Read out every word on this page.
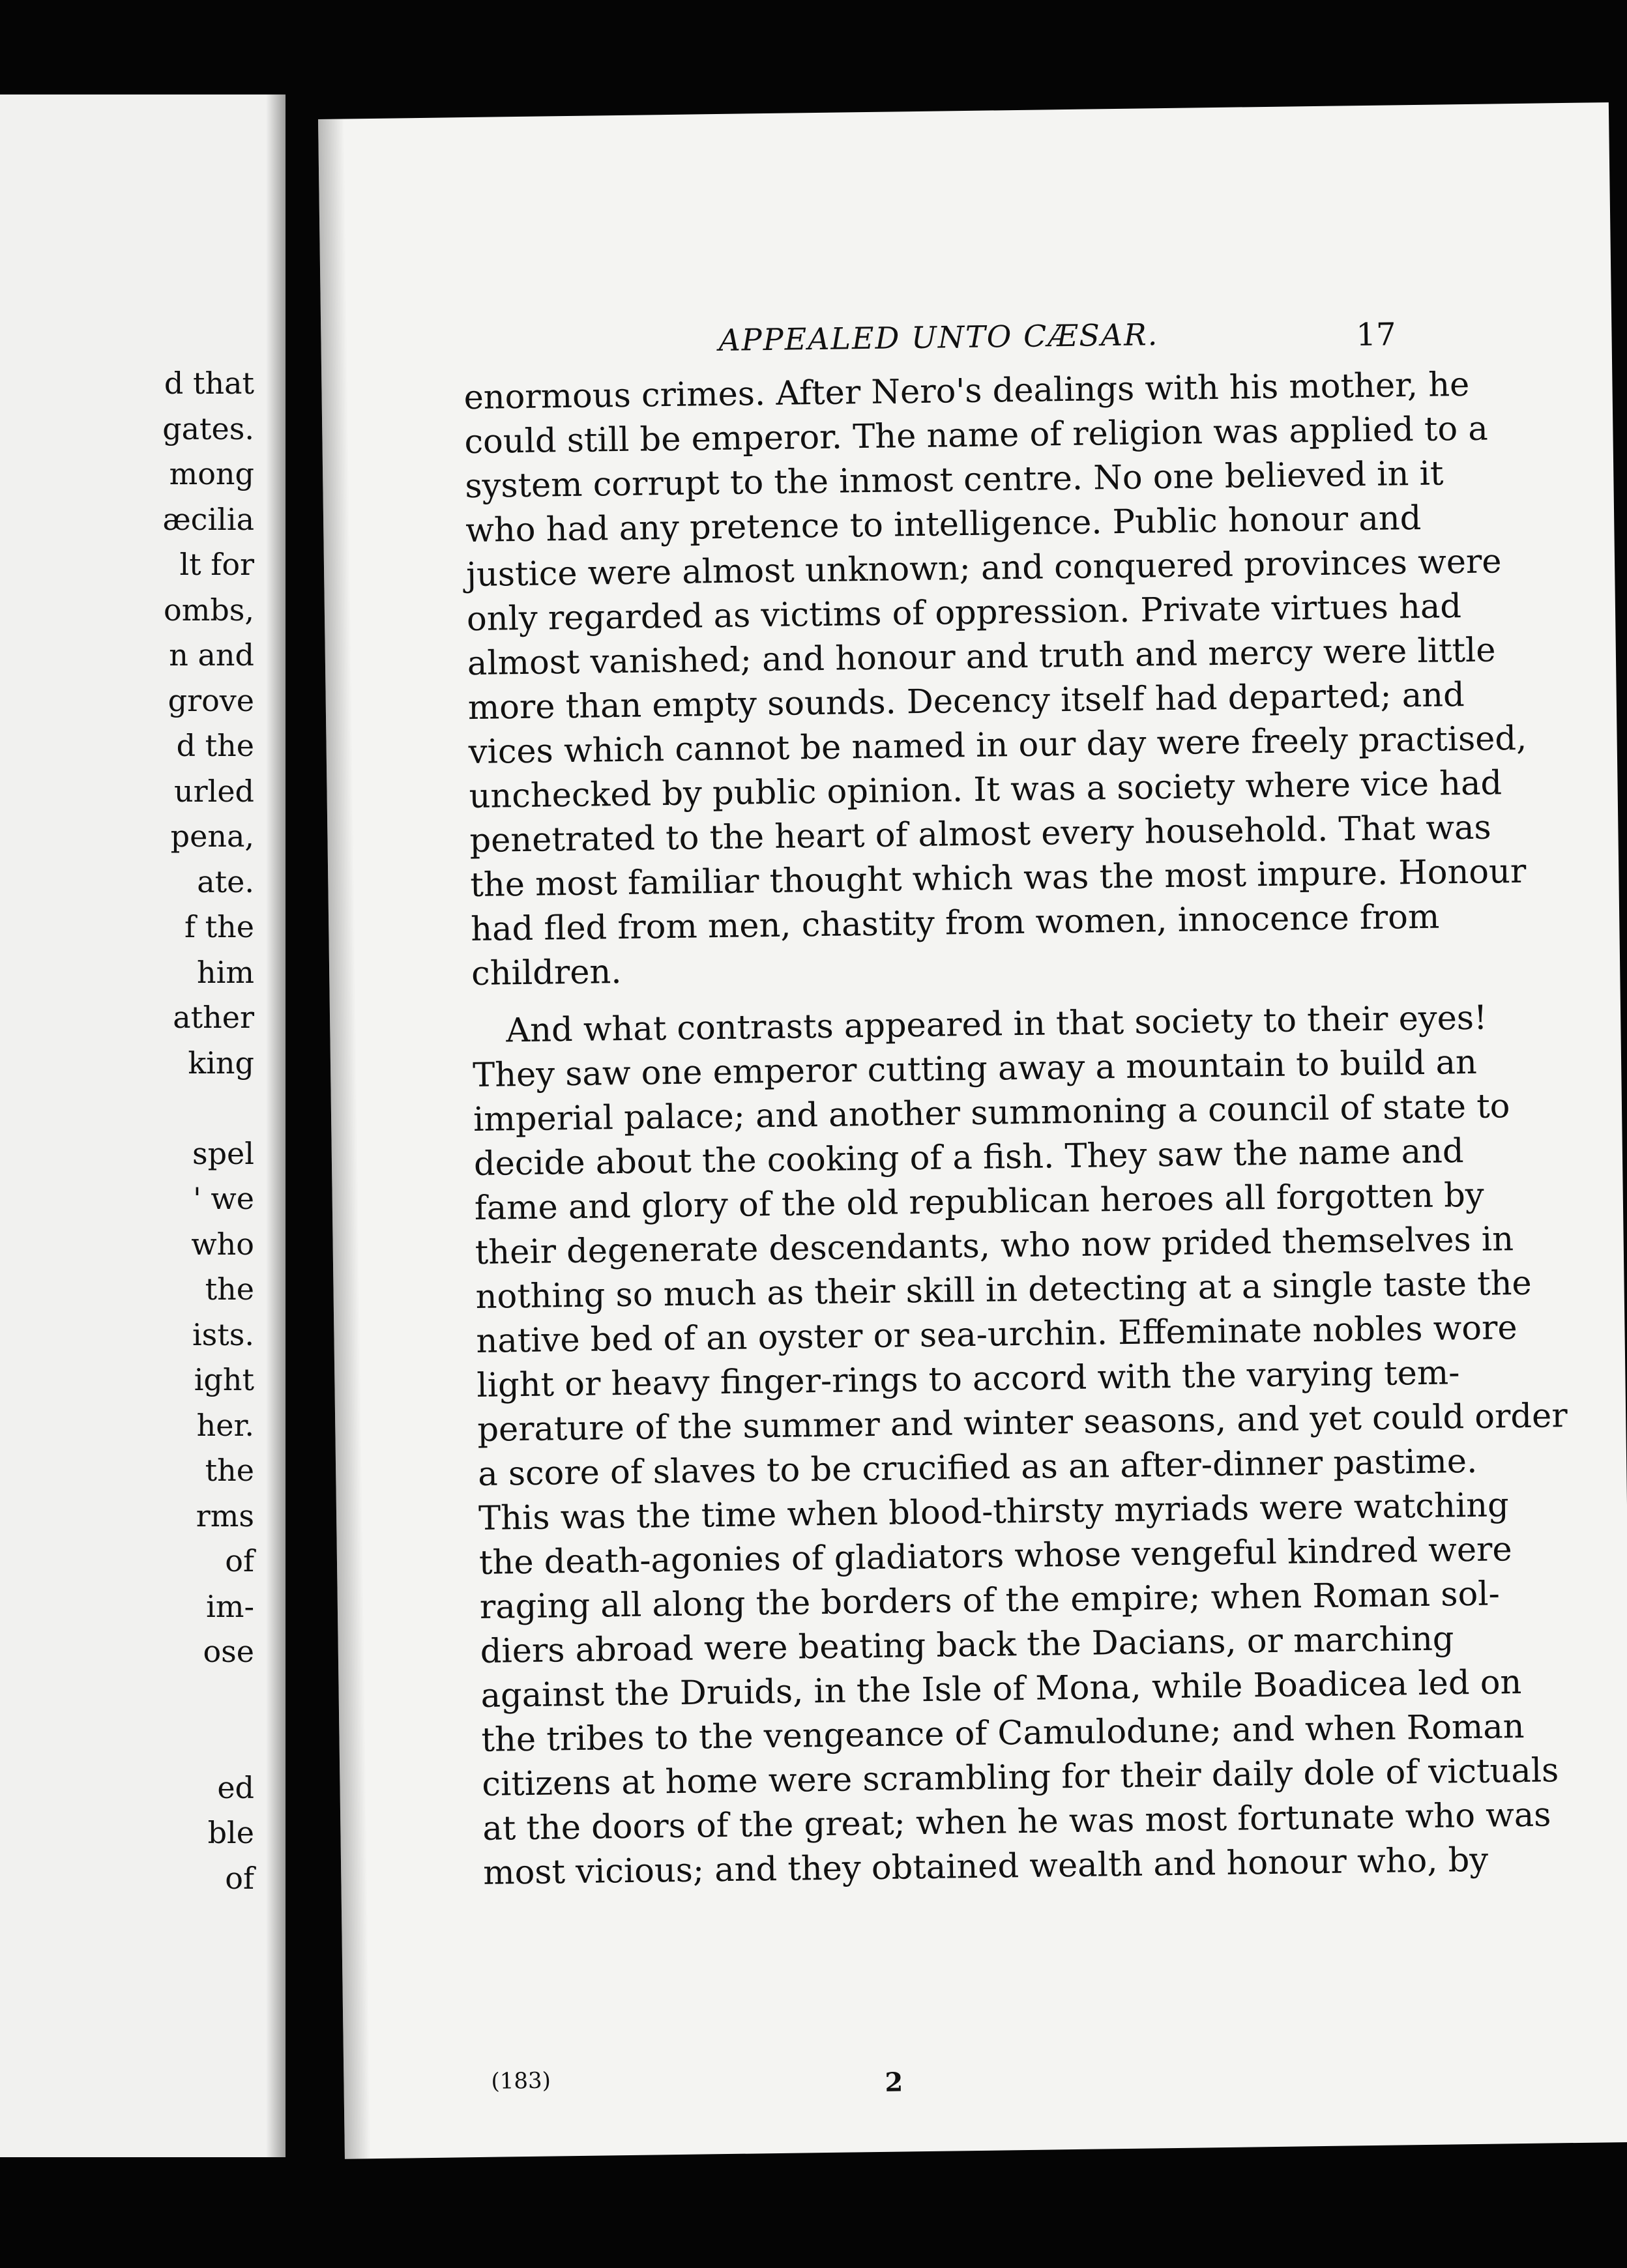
d that
gates.
mong
æcilia
lt for
ombs,
n and
grove
d the
urled
pena,
ate.
f the
him
ather
king
spel
' we
who
the
ists.
ight
her.
the
rms
of
im-
ose
ed
ble
of
APPEALED UNTO CÆSAR.	17
enormous crimes. After Nero's dealings with his mother, he
could still be emperor. The name of religion was applied to a
system corrupt to the inmost centre. No one believed in it
who had any pretence to intelligence. Public honour and
justice were almost unknown; and conquered provinces were
only regarded as victims of oppression. Private virtues had
almost vanished; and honour and truth and mercy were little
more than empty sounds. Decency itself had departed; and
vices which cannot be named in our day were freely practised,
unchecked by public opinion. It was a society where vice had
penetrated to the heart of almost every household. That was
the most familiar thought which was the most impure. Honour
had fled from men, chastity from women, innocence from
children.
And what contrasts appeared in that society to their eyes!
They saw one emperor cutting away a mountain to build an
imperial palace; and another summoning a council of state to
decide about the cooking of a fish. They saw the name and
fame and glory of the old republican heroes all forgotten by
their degenerate descendants, who now prided themselves in
nothing so much as their skill in detecting at a single taste the
native bed of an oyster or sea-urchin. Effeminate nobles wore
light or heavy finger-rings to accord with the varying tem-
perature of the summer and winter seasons, and yet could order
a score of slaves to be crucified as an after-dinner pastime.
This was the time when blood-thirsty myriads were watching
the death-agonies of gladiators whose vengeful kindred were
raging all along the borders of the empire; when Roman sol-
diers abroad were beating back the Dacians, or marching
against the Druids, in the Isle of Mona, while Boadicea led on
the tribes to the vengeance of Camulodune; and when Roman
citizens at home were scrambling for their daily dole of victuals
at the doors of the great; when he was most fortunate who was
most vicious; and they obtained wealth and honour who, by
(183)	2
